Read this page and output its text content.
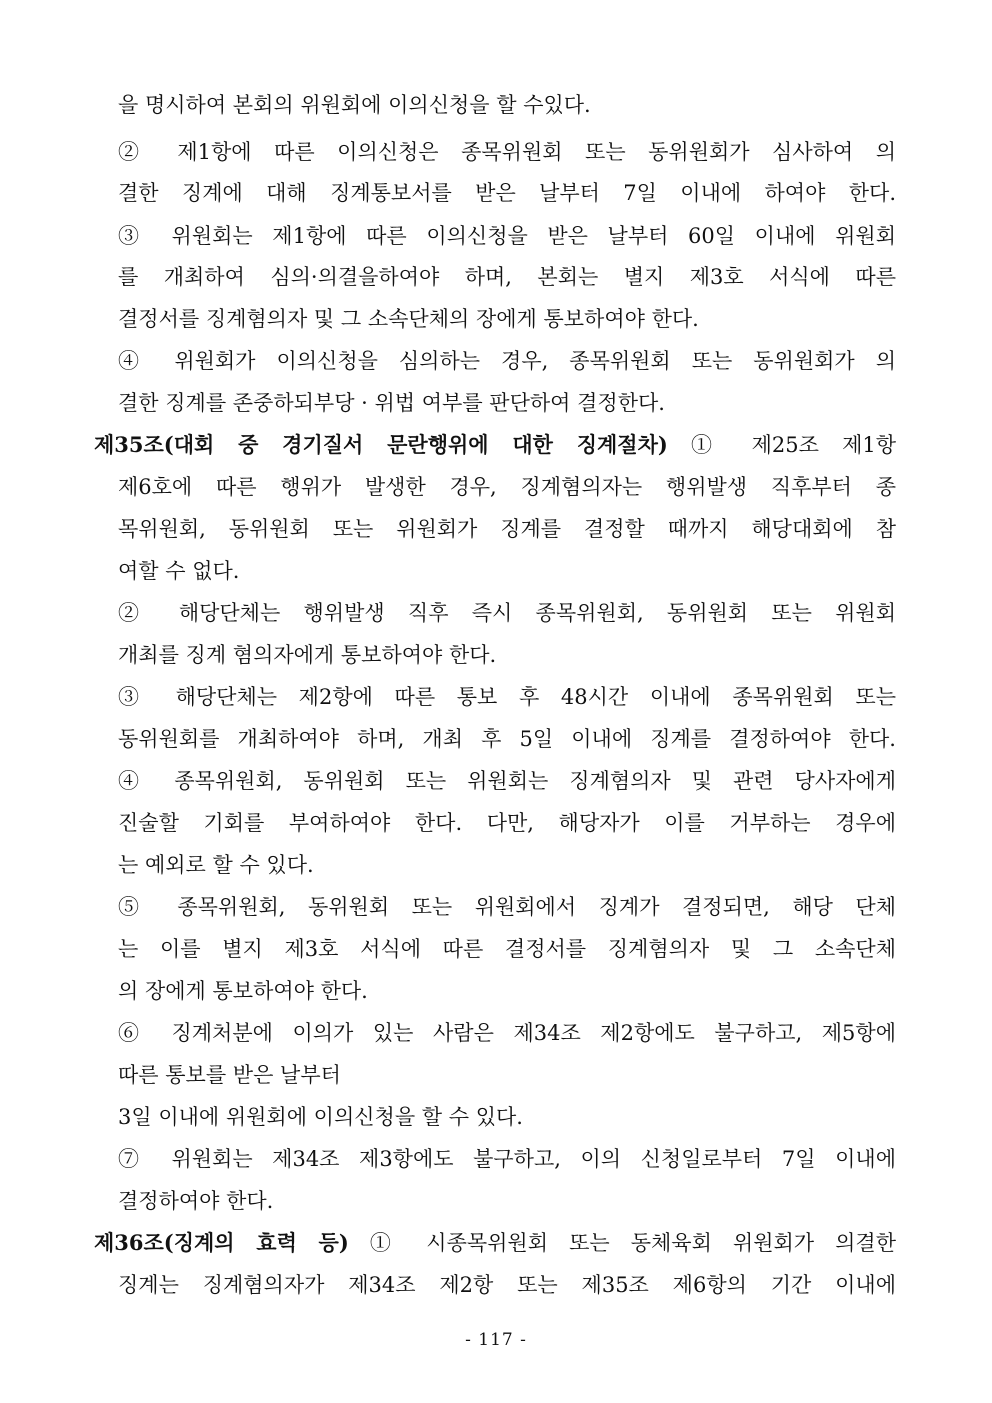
을 명시하여 본회의 위원회에 이의신청을 할 수있다.
② 제1항에 따른 이의신청은 종목위원회 또는 동위원회가 심사하여 의
결한 징계에 대해 징계통보서를 받은 날부터 7일 이내에 하여야 한다.
③ 위원회는 제1항에 따른 이의신청을 받은 날부터 60일 이내에 위원회
를 개최하여 심의·의결을하여야 하며, 본회는 별지 제3호 서식에 따른
결정서를 징계혐의자 및 그 소속단체의 장에게 통보하여야 한다.
④ 위원회가 이의신청을 심의하는 경우, 종목위원회 또는 동위원회가 의
결한 징계를 존중하되부당 · 위법 여부를 판단하여 결정한다.
제35조(대회 중 경기질서 문란행위에 대한 징계절차) ① 제25조 제1항
제6호에 따른 행위가 발생한 경우, 징계혐의자는 행위발생 직후부터 종
목위원회, 동위원회 또는 위원회가 징계를 결정할 때까지 해당대회에 참
여할 수 없다.
② 해당단체는 행위발생 직후 즉시 종목위원회, 동위원회 또는 위원회
개최를 징계 혐의자에게 통보하여야 한다.
③ 해당단체는 제2항에 따른 통보 후 48시간 이내에 종목위원회 또는
동위원회를 개최하여야 하며, 개최 후 5일 이내에 징계를 결정하여야 한다.
④ 종목위원회, 동위원회 또는 위원회는 징계혐의자 및 관련 당사자에게
진술할 기회를 부여하여야 한다. 다만, 해당자가 이를 거부하는 경우에
는 예외로 할 수 있다.
⑤ 종목위원회, 동위원회 또는 위원회에서 징계가 결정되면, 해당 단체
는 이를 별지 제3호 서식에 따른 결정서를 징계혐의자 및 그 소속단체
의 장에게 통보하여야 한다.
⑥ 징계처분에 이의가 있는 사람은 제34조 제2항에도 불구하고, 제5항에
따른 통보를 받은 날부터
3일 이내에 위원회에 이의신청을 할 수 있다.
⑦ 위원회는 제34조 제3항에도 불구하고, 이의 신청일로부터 7일 이내에
결정하여야 한다.
제36조(징계의 효력 등) ① 시종목위원회 또는 동체육회 위원회가 의결한
징계는 징계혐의자가 제34조 제2항 또는 제35조 제6항의 기간 이내에
- 117 -
